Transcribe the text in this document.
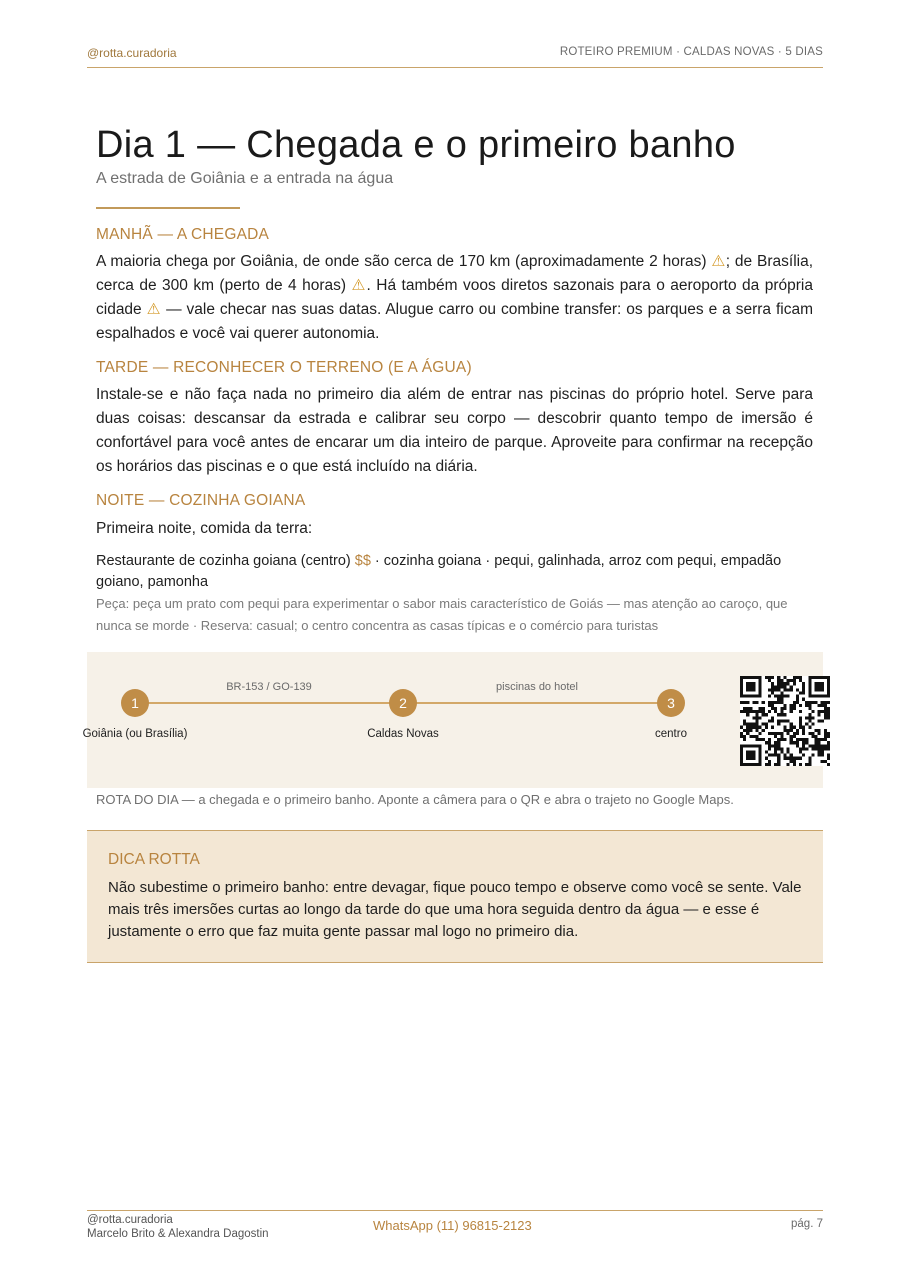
@rotta.curadoria	ROTEIRO PREMIUM · CALDAS NOVAS · 5 DIAS
Dia 1 — Chegada e o primeiro banho
A estrada de Goiânia e a entrada na água
MANHÃ — A CHEGADA
A maioria chega por Goiânia, de onde são cerca de 170 km (aproximadamente 2 horas) ⚠; de Brasília, cerca de 300 km (perto de 4 horas) ⚠. Há também voos diretos sazonais para o aeroporto da própria cidade ⚠ — vale checar nas suas datas. Alugue carro ou combine transfer: os parques e a serra ficam espalhados e você vai querer autonomia.
TARDE — RECONHECER O TERRENO (E A ÁGUA)
Instale-se e não faça nada no primeiro dia além de entrar nas piscinas do próprio hotel. Serve para duas coisas: descansar da estrada e calibrar seu corpo — descobrir quanto tempo de imersão é confortável para você antes de encarar um dia inteiro de parque. Aproveite para confirmar na recepção os horários das piscinas e o que está incluído na diária.
NOITE — COZINHA GOIANA
Primeira noite, comida da terra:
Restaurante de cozinha goiana (centro) $$ · cozinha goiana · pequi, galinhada, arroz com pequi, empadão goiano, pamonha
Peça: peça um prato com pequi para experimentar o sabor mais característico de Goiás — mas atenção ao caroço, que nunca se morde · Reserva: casual; o centro concentra as casas típicas e o comércio para turistas
BR-153 / GO-139	piscinas do hotel
1	2	3
Goiânia (ou Brasília)	Caldas Novas	centro
ROTA DO DIA — a chegada e o primeiro banho. Aponte a câmera para o QR e abra o trajeto no Google Maps.
DICA ROTTA
Não subestime o primeiro banho: entre devagar, fique pouco tempo e observe como você se sente. Vale mais três imersões curtas ao longo da tarde do que uma hora seguida dentro da água — e esse é justamente o erro que faz muita gente passar mal logo no primeiro dia.
@rotta.curadoria
Marcelo Brito & Alexandra Dagostin
WhatsApp (11) 96815-2123	pág. 7
